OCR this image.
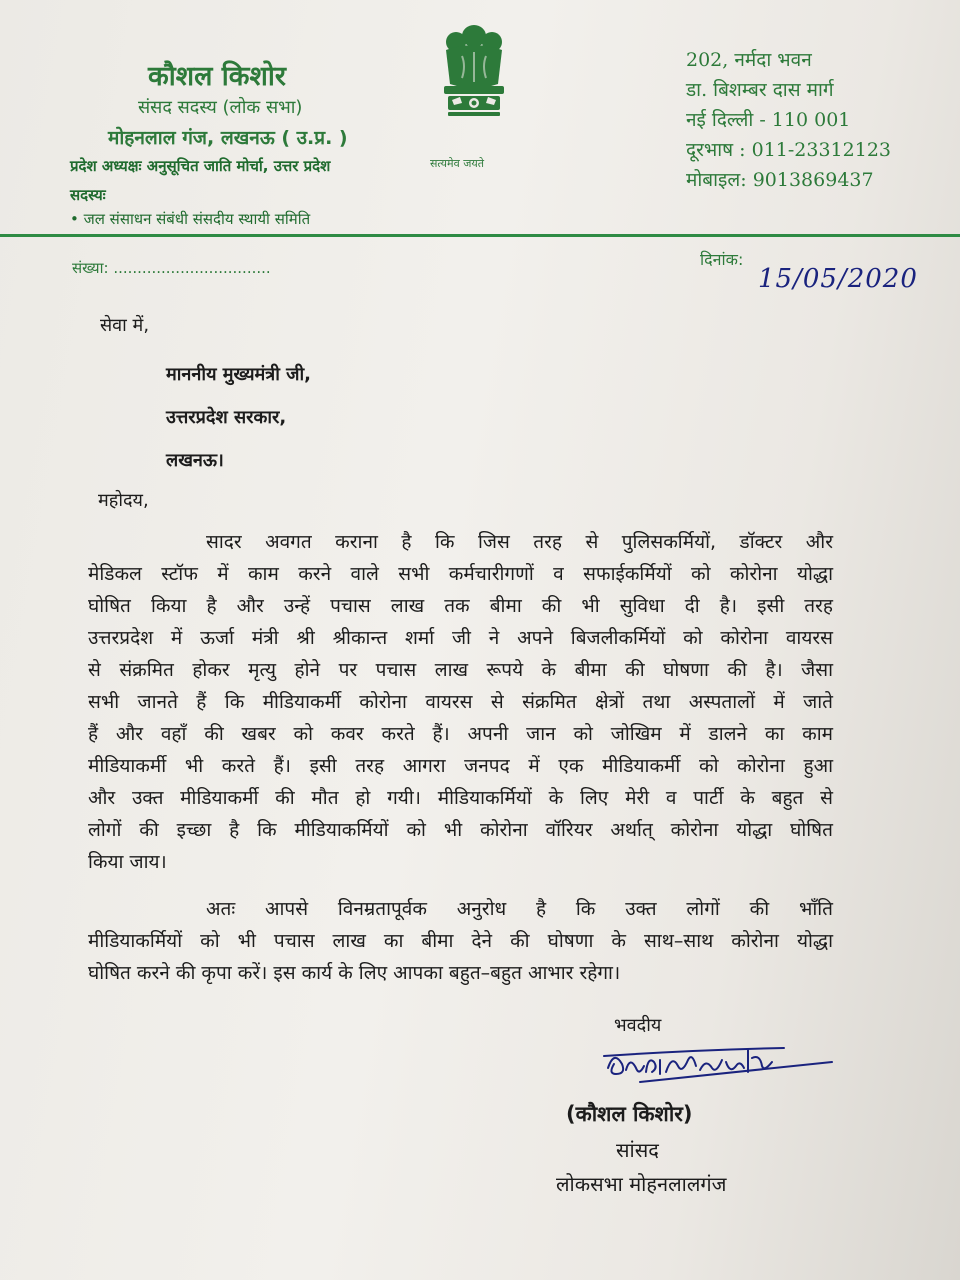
कौशल किशोर

संसद सदस्य (लोक सभा)

मोहनलाल गंज, लखनऊ ( उ.प्र. )

प्रदेश अध्यक्षः अनुसूचित जाति मोर्चा, उत्तर प्रदेश

सदस्यः

• जल संसाधन संबंधी संसदीय स्थायी समिति

सत्यमेव जयते

202, नर्मदा भवन

डा. बिशम्बर दास मार्ग

नई दिल्ली - 110 001

दूरभाष : 011-23312123

मोबाइल: 9013869437

संख्या: .................................	दिनांक:

15/05/2020

सेवा में,

माननीय मुख्यमंत्री जी,

उत्तरप्रदेश सरकार,

लखनऊ।

महोदय,

सादर अवगत कराना है कि जिस तरह से पुलिसकर्मियों, डॉक्टर और
मेडिकल स्टॉफ में काम करने वाले सभी कर्मचारीगणों व सफाईकर्मियों को कोरोना योद्धा
घोषित किया है और उन्हें पचास लाख तक बीमा की भी सुविधा दी है। इसी तरह
उत्तरप्रदेश में ऊर्जा मंत्री श्री श्रीकान्त शर्मा जी ने अपने बिजलीकर्मियों को कोरोना वायरस
से संक्रमित होकर मृत्यु होने पर पचास लाख रूपये के बीमा की घोषणा की है। जैसा
सभी जानते हैं कि मीडियाकर्मी कोरोना वायरस से संक्रमित क्षेत्रों तथा अस्पतालों में जाते
हैं और वहाँ की खबर को कवर करते हैं। अपनी जान को जोखिम में डालने का काम
मीडियाकर्मी भी करते हैं। इसी तरह आगरा जनपद में एक मीडियाकर्मी को कोरोना हुआ
और उक्त मीडियाकर्मी की मौत हो गयी। मीडियाकर्मियों के लिए मेरी व पार्टी के बहुत से
लोगों की इच्छा है कि मीडियाकर्मियों को भी कोरोना वॉरियर अर्थात् कोरोना योद्धा घोषित
किया जाय।
अतः आपसे विनम्रतापूर्वक अनुरोध है कि उक्त लोगों की भाँति
मीडियाकर्मियों को भी पचास लाख का बीमा देने की घोषणा के साथ–साथ कोरोना योद्धा
घोषित करने की कृपा करें। इस कार्य के लिए आपका बहुत–बहुत आभार रहेगा।

भवदीय

(कौशल किशोर)

सांसद

लोकसभा मोहनलालगंज
